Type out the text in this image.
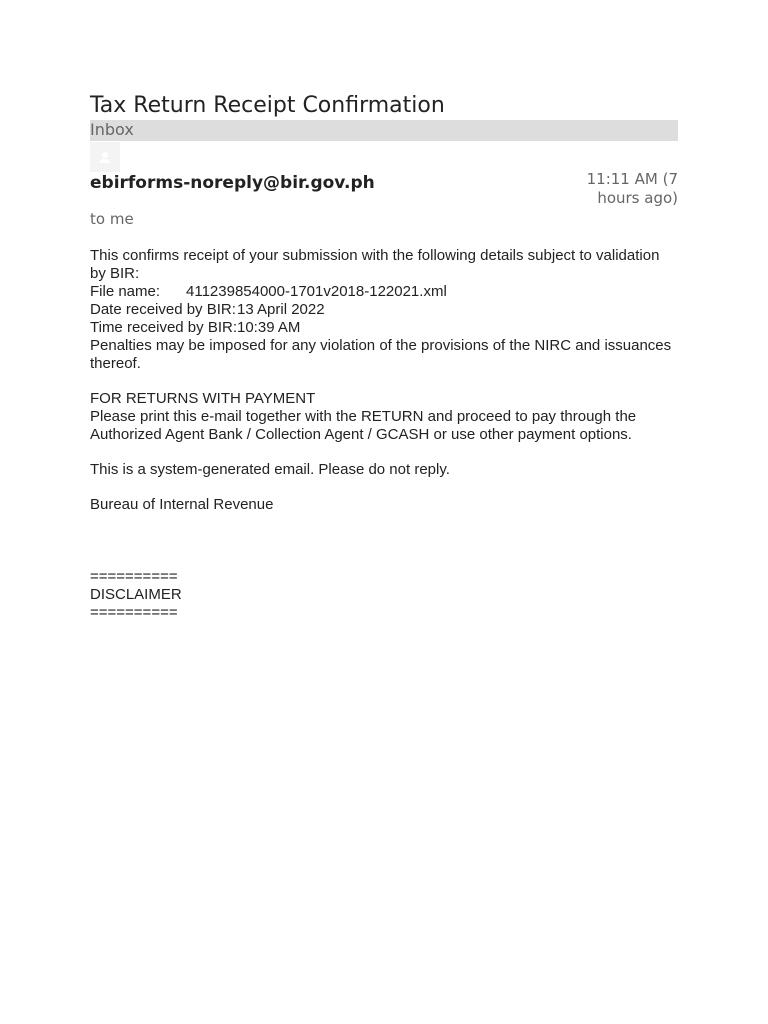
Tax Return Receipt Confirmation
Inbox
ebirforms-noreply@bir.gov.ph	11:11 AM (7 hours ago)
to me

This confirms receipt of your submission with the following details subject to validation by BIR:

File name: 411239854000-1701v2018-122021.xml
Date received by BIR:13 April 2022
Time received by BIR:10:39 AM

Penalties may be imposed for any violation of the provisions of the NIRC and issuances thereof.

FOR RETURNS WITH PAYMENT

Please print this e-mail together with the RETURN and proceed to pay through the Authorized Agent Bank / Collection Agent / GCASH or use other payment options.

This is a system-generated email. Please do not reply.

Bureau of Internal Revenue

==========

DISCLAIMER

==========
